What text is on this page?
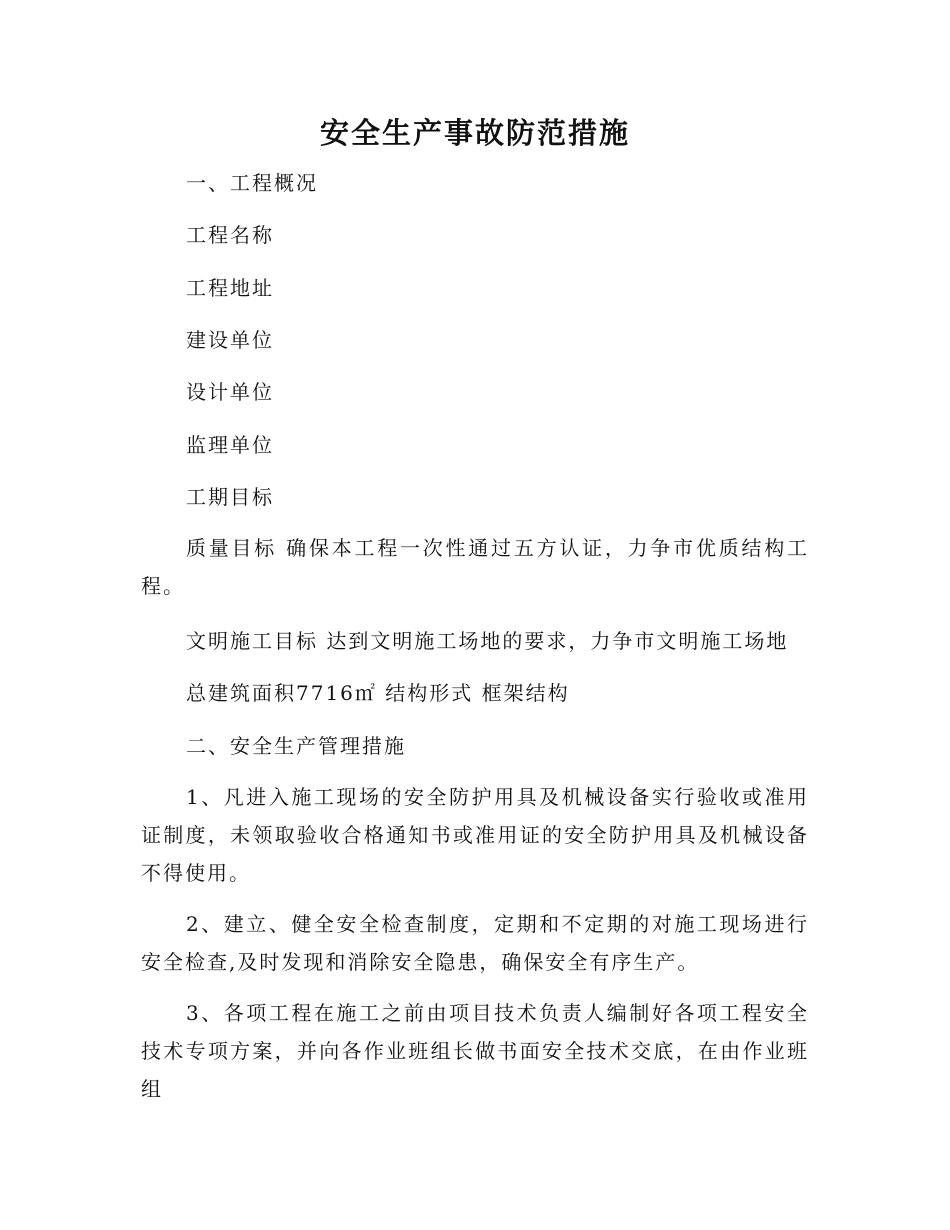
安全生产事故防范措施
一、工程概况
工程名称
工程地址
建设单位
设计单位
监理单位
工期目标
质量目标 确保本工程一次性通过五方认证，力争市优质结构工程。
文明施工目标 达到文明施工场地的要求，力争市文明施工场地
总建筑面积7716㎡ 结构形式 框架结构
二、安全生产管理措施
1、凡进入施工现场的安全防护用具及机械设备实行验收或准用证制度，未领取验收合格通知书或准用证的安全防护用具及机械设备不得使用。
2、建立、健全安全检查制度，定期和不定期的对施工现场进行安全检查,及时发现和消除安全隐患，确保安全有序生产。
3、各项工程在施工之前由项目技术负责人编制好各项工程安全技术专项方案，并向各作业班组长做书面安全技术交底，在由作业班组
